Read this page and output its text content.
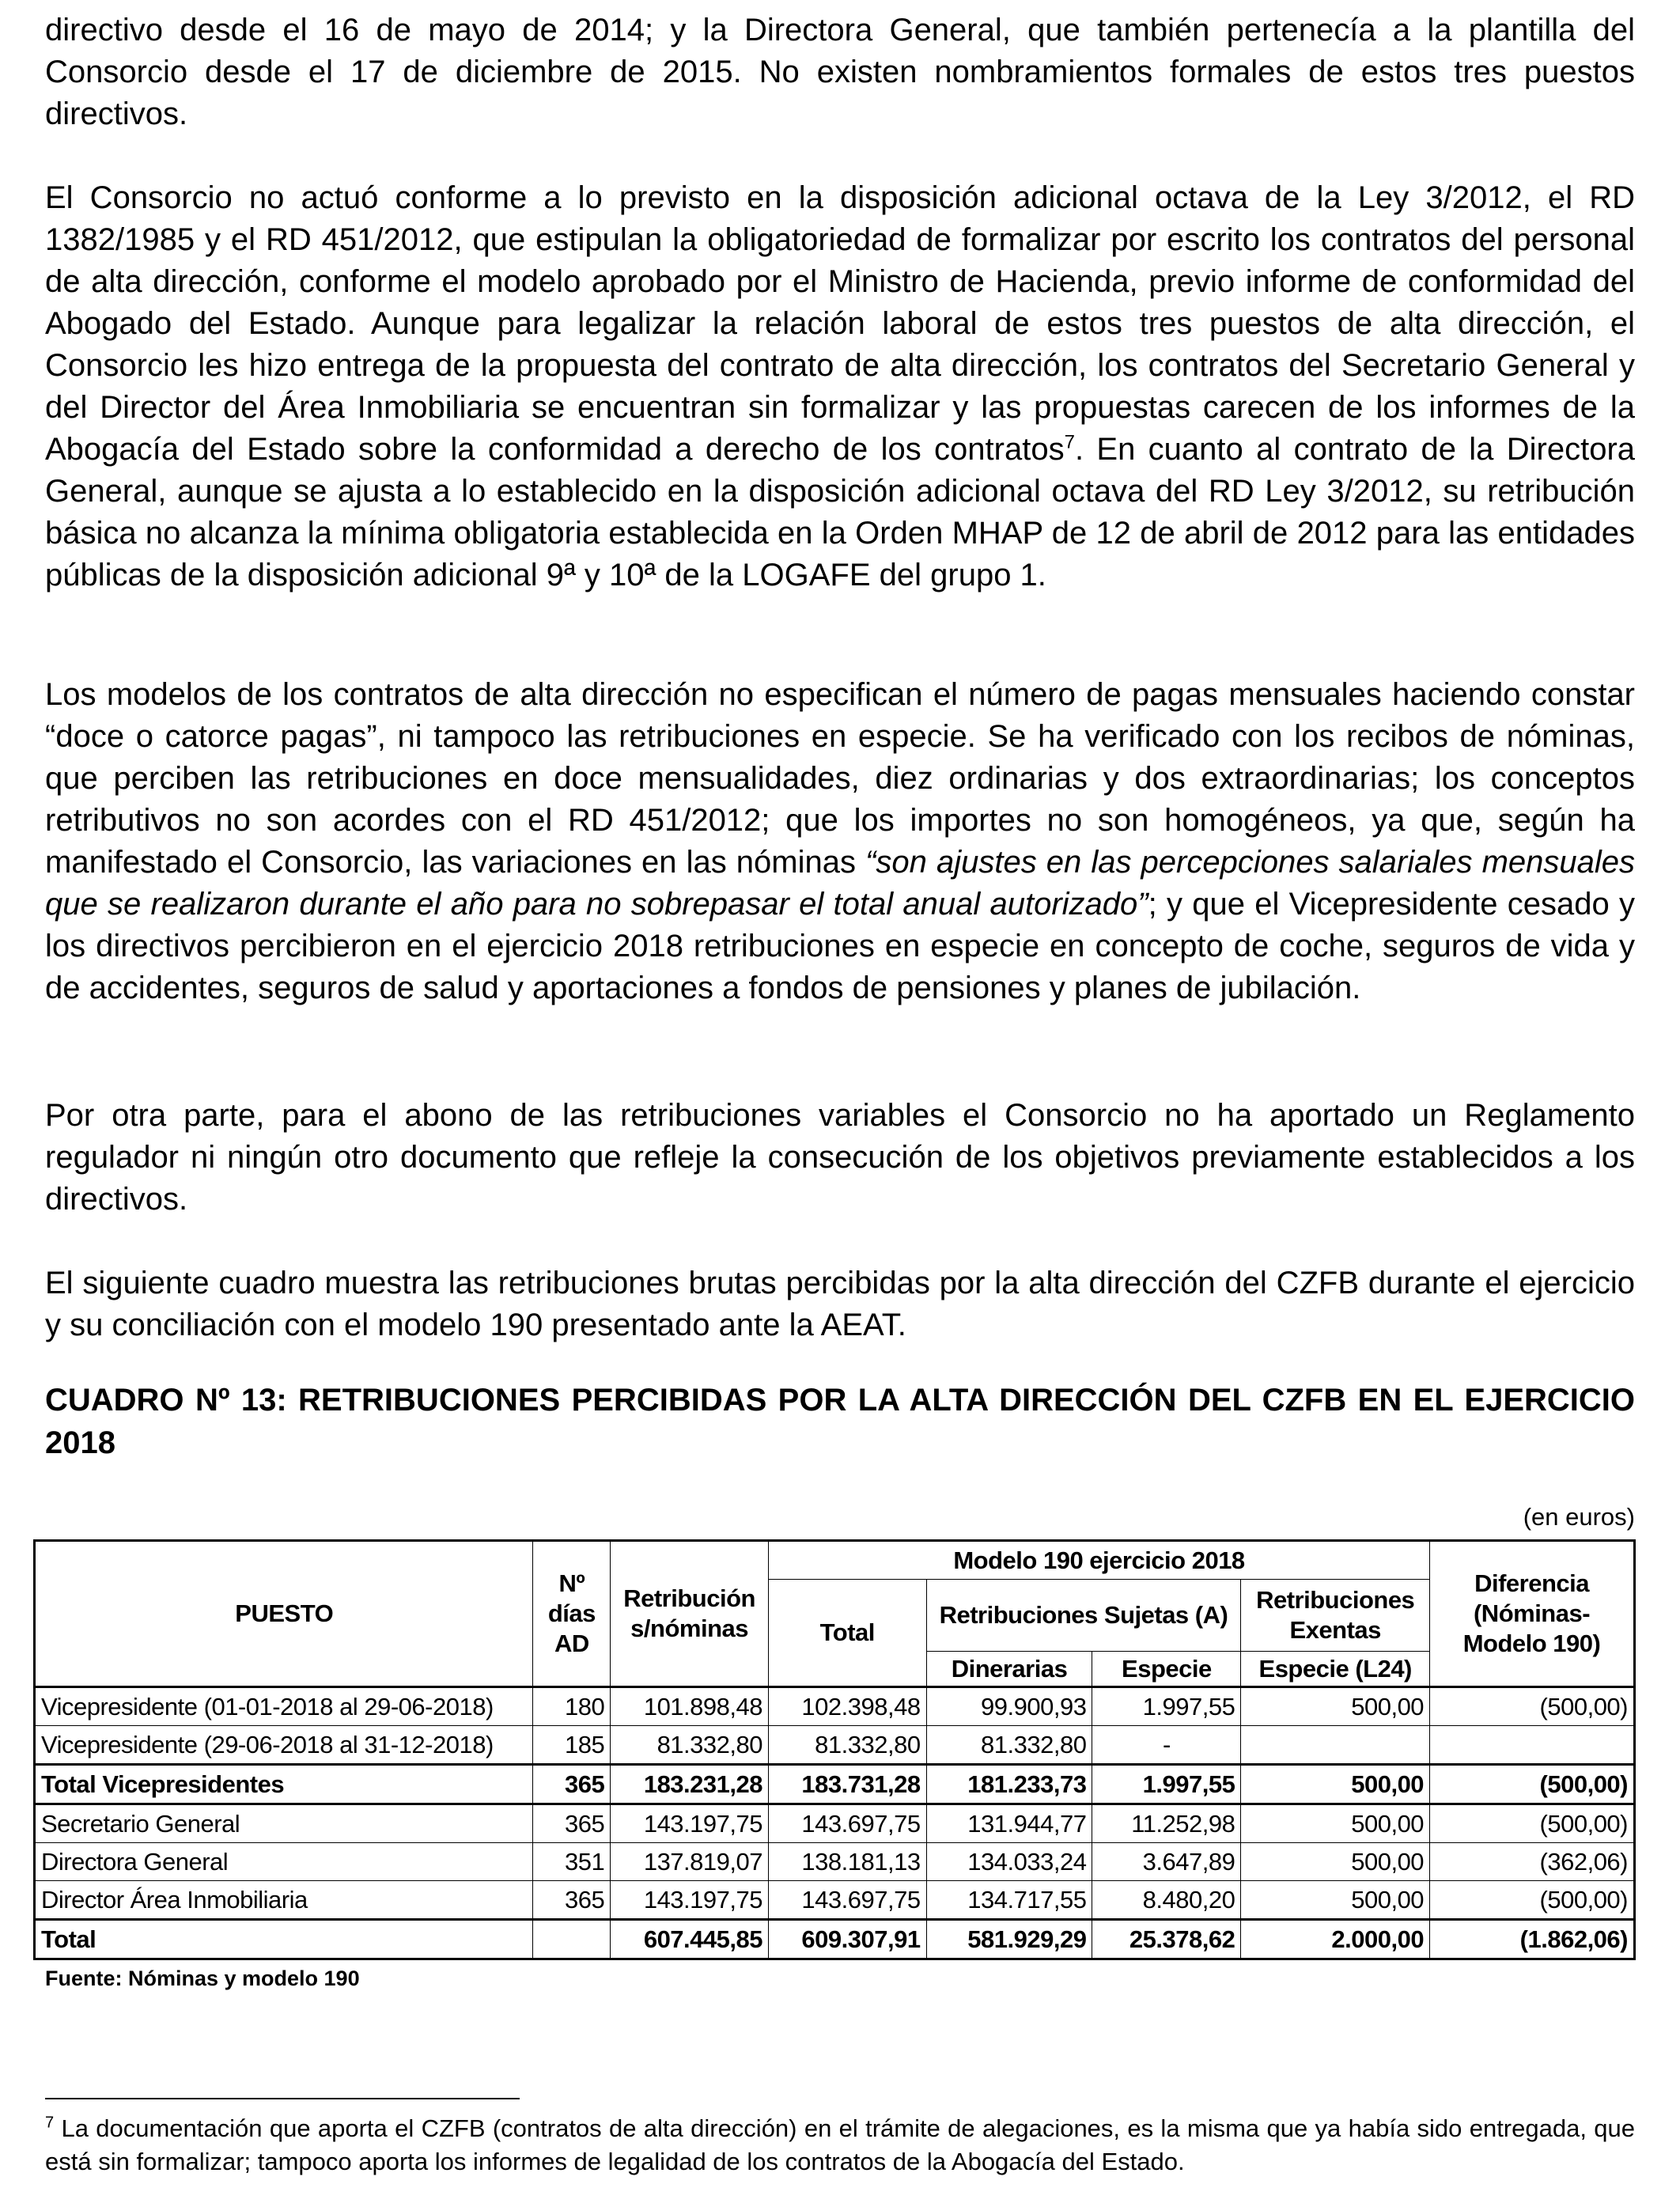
directivo desde el 16 de mayo de 2014; y la Directora General, que también pertenecía a la plantilla del Consorcio desde el 17 de diciembre de 2015. No existen nombramientos formales de estos tres puestos directivos.

El Consorcio no actuó conforme a lo previsto en la disposición adicional octava de la Ley 3/2012, el RD 1382/1985 y el RD 451/2012, que estipulan la obligatoriedad de formalizar por escrito los contratos del personal de alta dirección, conforme el modelo aprobado por el Ministro de Hacienda, previo informe de conformidad del Abogado del Estado. Aunque para legalizar la relación laboral de estos tres puestos de alta dirección, el Consorcio les hizo entrega de la propuesta del contrato de alta dirección, los contratos del Secretario General y del Director del Área Inmobiliaria se encuentran sin formalizar y las propuestas carecen de los informes de la Abogacía del Estado sobre la conformidad a derecho de los contratos$^7$. En cuanto al contrato de la Directora General, aunque se ajusta a lo establecido en la disposición adicional octava del RD Ley 3/2012, su retribución básica no alcanza la mínima obligatoria establecida en la Orden MHAP de 12 de abril de 2012 para las entidades públicas de la disposición adicional 9ª y 10ª de la LOGAFE del grupo 1.

Los modelos de los contratos de alta dirección no especifican el número de pagas mensuales haciendo constar “doce o catorce pagas”, ni tampoco las retribuciones en especie. Se ha verificado con los recibos de nóminas, que perciben las retribuciones en doce mensualidades, diez ordinarias y dos extraordinarias; los conceptos retributivos no son acordes con el RD 451/2012; que los importes no son homogéneos, ya que, según ha manifestado el Consorcio, las variaciones en las nóminas “son ajustes en las percepciones salariales mensuales que se realizaron durante el año para no sobrepasar el total anual autorizado”; y que el Vicepresidente cesado y los directivos percibieron en el ejercicio 2018 retribuciones en especie en concepto de coche, seguros de vida y de accidentes, seguros de salud y aportaciones a fondos de pensiones y planes de jubilación.

Por otra parte, para el abono de las retribuciones variables el Consorcio no ha aportado un Reglamento regulador ni ningún otro documento que refleje la consecución de los objetivos previamente establecidos a los directivos.

El siguiente cuadro muestra las retribuciones brutas percibidas por la alta dirección del CZFB durante el ejercicio y su conciliación con el modelo 190 presentado ante la AEAT.

CUADRO Nº 13: RETRIBUCIONES PERCIBIDAS POR LA ALTA DIRECCIÓN DEL CZFB EN EL EJERCICIO 2018
(en euros)
PUESTO	Nº días AD	Retribución s/nóminas	Modelo 190 ejercicio 2018				Diferencia (Nóminas-Modelo 190)
			Total	Retribuciones Sujetas (A)		Retribuciones Exentas	
				Dinerarias	Especie	Especie (L24)	
Vicepresidente (01-01-2018 al 29-06-2018)	180	101.898,48	102.398,48	99.900,93	1.997,55	500,00	(500,00)
Vicepresidente (29-06-2018 al 31-12-2018)	185	81.332,80	81.332,80	81.332,80	-		
Total Vicepresidentes	365	183.231,28	183.731,28	181.233,73	1.997,55	500,00	(500,00)
Secretario General	365	143.197,75	143.697,75	131.944,77	11.252,98	500,00	(500,00)
Directora General	351	137.819,07	138.181,13	134.033,24	3.647,89	500,00	(362,06)
Director Área Inmobiliaria	365	143.197,75	143.697,75	134.717,55	8.480,20	500,00	(500,00)
Total		607.445,85	609.307,91	581.929,29	25.378,62	2.000,00	(1.862,06)
Fuente: Nóminas y modelo 190

$^7$ La documentación que aporta el CZFB (contratos de alta dirección) en el trámite de alegaciones, es la misma que ya había sido entregada, que está sin formalizar; tampoco aporta los informes de legalidad de los contratos de la Abogacía del Estado.
